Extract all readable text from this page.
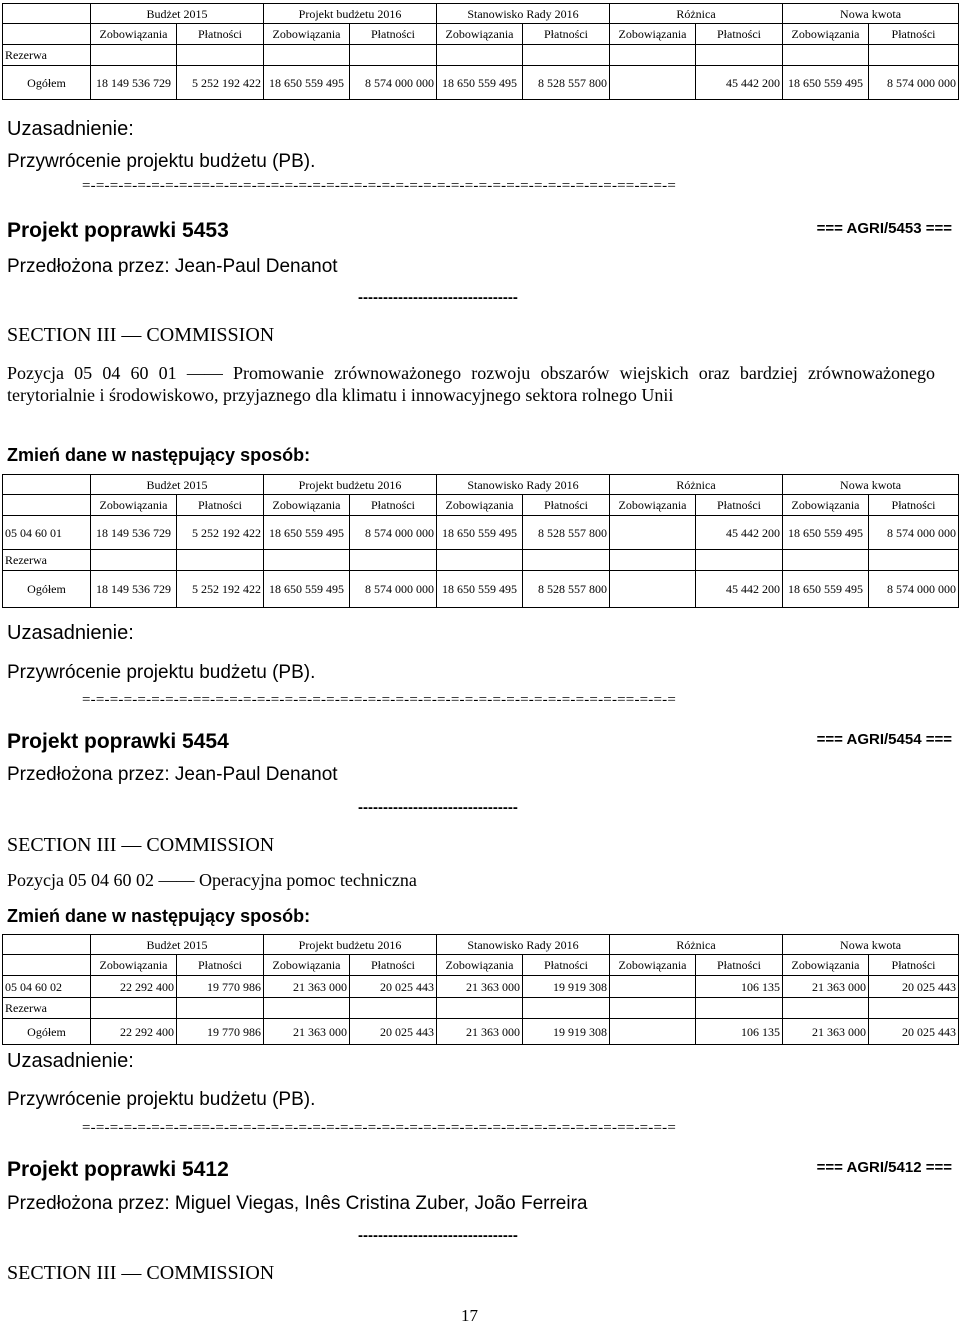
	Budżet 2015		Projekt budżetu 2016		Stanowisko Rady 2016		Różnica		Nowa kwota	
	Zobowiązania	Płatności	Zobowiązania	Płatności	Zobowiązania	Płatności	Zobowiązania	Płatności	Zobowiązania	Płatności
Rezerwa										
Ogółem	18 149 536 729	5 252 192 422	18 650 559 495	8 574 000 000	18 650 559 495	8 528 557 800		45 442 200	18 650 559 495	8 574 000 000
Uzasadnienie:
Przywrócenie projektu budżetu (PB).
=-=-=-=-=-=-=-=-==-=-=-=-=-=-=-=-=-=-=-=-=-=-=-=-=-=-=-=-=-=-=-=-=-=-=-=-=-=-==-=-=-=
Projekt poprawki 5453	=== AGRI/5453 ===
Przedłożona przez: Jean-Paul Denanot
--------------------------------
SECTION III — COMMISSION
Pozycja 05 04 60 01 —— Promowanie zrównoważonego rozwoju obszarów wiejskich oraz bardziej zrównoważonego terytorialnie i środowiskowo, przyjaznego dla klimatu i innowacyjnego sektora rolnego Unii
Zmień dane w następujący sposób:
	Budżet 2015		Projekt budżetu 2016		Stanowisko Rady 2016		Różnica		Nowa kwota	
	Zobowiązania	Płatności	Zobowiązania	Płatności	Zobowiązania	Płatności	Zobowiązania	Płatności	Zobowiązania	Płatności
05 04 60 01	18 149 536 729	5 252 192 422	18 650 559 495	8 574 000 000	18 650 559 495	8 528 557 800		45 442 200	18 650 559 495	8 574 000 000
Rezerwa										
Ogółem	18 149 536 729	5 252 192 422	18 650 559 495	8 574 000 000	18 650 559 495	8 528 557 800		45 442 200	18 650 559 495	8 574 000 000
Uzasadnienie:
Przywrócenie projektu budżetu (PB).
=-=-=-=-=-=-=-=-==-=-=-=-=-=-=-=-=-=-=-=-=-=-=-=-=-=-=-=-=-=-=-=-=-=-=-=-=-=-==-=-=-=
Projekt poprawki 5454	=== AGRI/5454 ===
Przedłożona przez: Jean-Paul Denanot
--------------------------------
SECTION III — COMMISSION
Pozycja 05 04 60 02 —— Operacyjna pomoc techniczna
Zmień dane w następujący sposób:
	Budżet 2015		Projekt budżetu 2016		Stanowisko Rady 2016		Różnica		Nowa kwota	
	Zobowiązania	Płatności	Zobowiązania	Płatności	Zobowiązania	Płatności	Zobowiązania	Płatności	Zobowiązania	Płatności
05 04 60 02	22 292 400	19 770 986	21 363 000	20 025 443	21 363 000	19 919 308		106 135	21 363 000	20 025 443
Rezerwa										
Ogółem	22 292 400	19 770 986	21 363 000	20 025 443	21 363 000	19 919 308		106 135	21 363 000	20 025 443
Uzasadnienie:
Przywrócenie projektu budżetu (PB).
=-=-=-=-=-=-=-=-==-=-=-=-=-=-=-=-=-=-=-=-=-=-=-=-=-=-=-=-=-=-=-=-=-=-=-=-=-=-==-=-=-=
Projekt poprawki 5412	=== AGRI/5412 ===
Przedłożona przez: Miguel Viegas, Inês Cristina Zuber, João Ferreira
--------------------------------
SECTION III — COMMISSION
17
